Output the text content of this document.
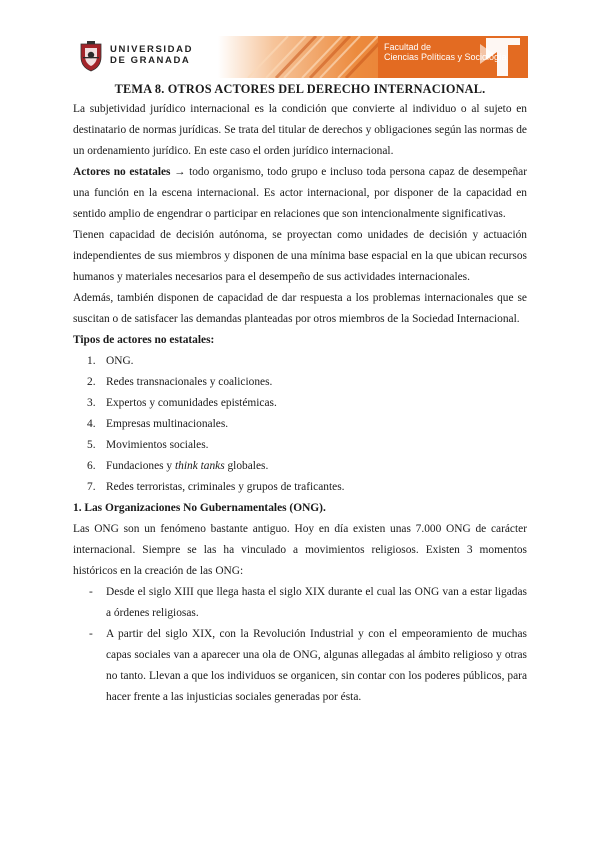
UNIVERSIDAD
DE GRANADA
Facultad de
Ciencias Políticas y Sociología
TEMA 8. OTROS ACTORES DEL DERECHO INTERNACIONAL.

La subjetividad jurídico internacional es la condición que convierte al individuo o al sujeto en destinatario de normas jurídicas. Se trata del titular de derechos y obligaciones según las normas de un ordenamiento jurídico. En este caso el orden jurídico internacional.

Actores no estatales → todo organismo, todo grupo e incluso toda persona capaz de desempeñar una función en la escena internacional. Es actor internacional, por disponer de la capacidad en sentido amplio de engendrar o participar en relaciones que son intencionalmente significativas.

Tienen capacidad de decisión autónoma, se proyectan como unidades de decisión y actuación independientes de sus miembros y disponen de una mínima base espacial en la que ubican recursos humanos y materiales necesarios para el desempeño de sus actividades internacionales.

Además, también disponen de capacidad de dar respuesta a los problemas internacionales que se suscitan o de satisfacer las demandas planteadas por otros miembros de la Sociedad Internacional.

Tipos de actores no estatales:

1. ONG.
2. Redes transnacionales y coaliciones.
3. Expertos y comunidades epistémicas.
4. Empresas multinacionales.
5. Movimientos sociales.
6. Fundaciones y think tanks globales.
7. Redes terroristas, criminales y grupos de traficantes.

1. Las Organizaciones No Gubernamentales (ONG).

Las ONG son un fenómeno bastante antiguo. Hoy en día existen unas 7.000 ONG de carácter internacional. Siempre se las ha vinculado a movimientos religiosos. Existen 3 momentos históricos en la creación de las ONG:

- Desde el siglo XIII que llega hasta el siglo XIX durante el cual las ONG van a estar ligadas a órdenes religiosas.
- A partir del siglo XIX, con la Revolución Industrial y con el empeoramiento de muchas capas sociales van a aparecer una ola de ONG, algunas allegadas al ámbito religioso y otras no tanto. Llevan a que los individuos se organicen, sin contar con los poderes públicos, para hacer frente a las injusticias sociales generadas por ésta.
